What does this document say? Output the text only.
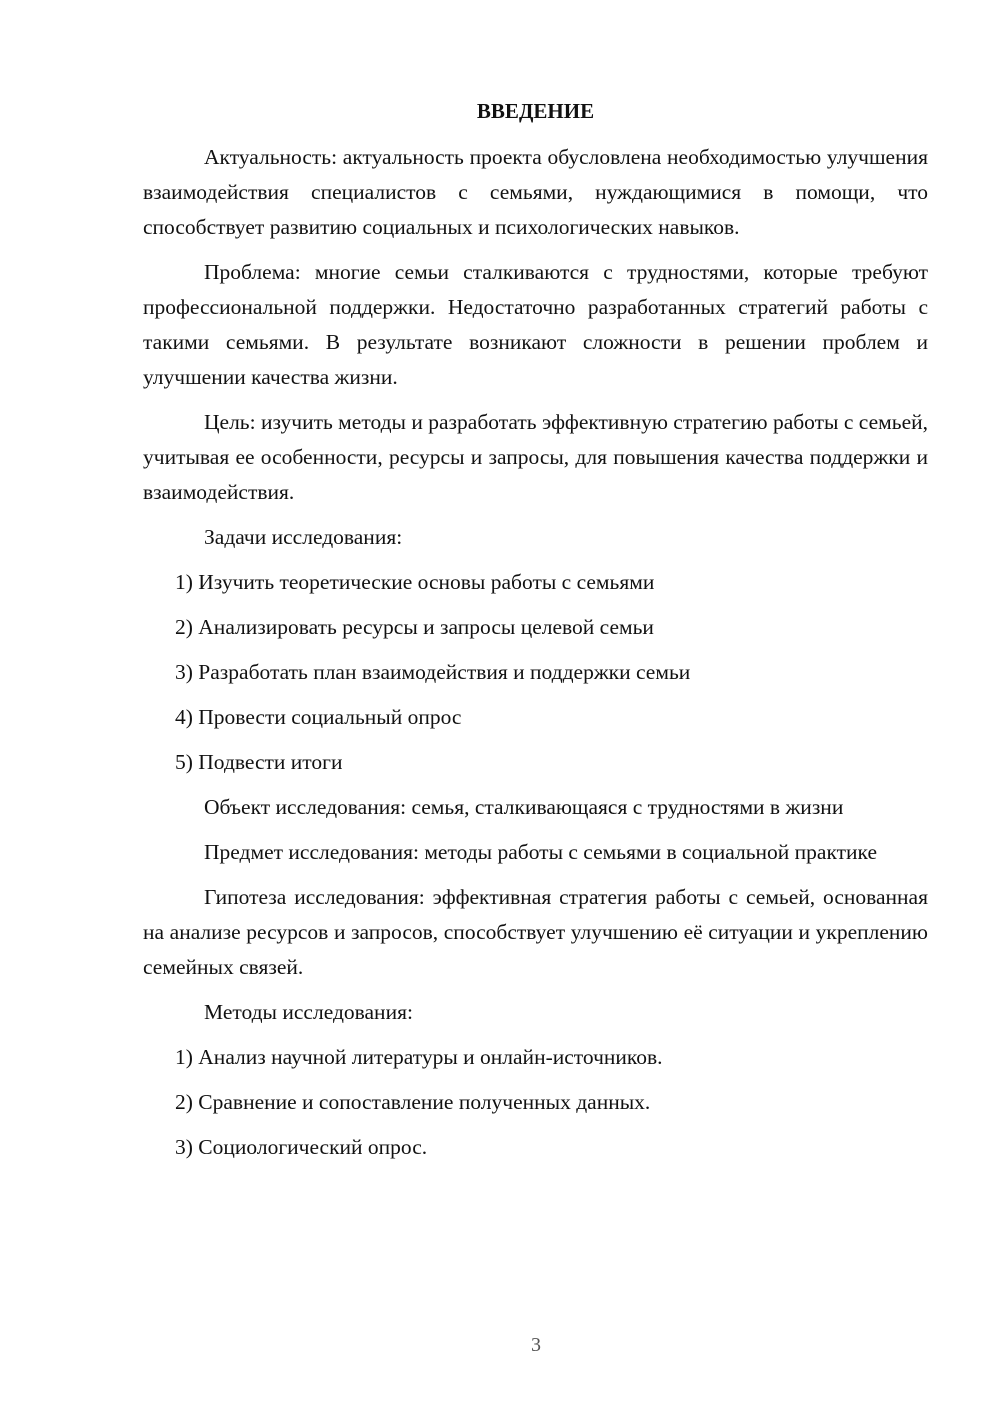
ВВЕДЕНИЕ

Актуальность: актуальность проекта обусловлена необходимостью улучшения взаимодействия специалистов с семьями, нуждающимися в помощи, что способствует развитию социальных и психологических навыков.

Проблема: многие семьи сталкиваются с трудностями, которые требуют профессиональной поддержки. Недостаточно разработанных стратегий работы с такими семьями. В результате возникают сложности в решении проблем и улучшении качества жизни.

Цель: изучить методы и разработать эффективную стратегию работы с семьей, учитывая ее особенности, ресурсы и запросы, для повышения качества поддержки и взаимодействия.

Задачи исследования:

1) Изучить теоретические основы работы с семьями
2) Анализировать ресурсы и запросы целевой семьи
3) Разработать план взаимодействия и поддержки семьи
4) Провести социальный опрос
5) Подвести итоги

Объект исследования: семья, сталкивающаяся с трудностями в жизни

Предмет исследования: методы работы с семьями в социальной практике

Гипотеза исследования: эффективная стратегия работы с семьей, основанная на анализе ресурсов и запросов, способствует улучшению её ситуации и укреплению семейных связей.

Методы исследования:

1) Анализ научной литературы и онлайн-источников.
2) Сравнение и сопоставление полученных данных.
3) Социологический опрос.
3
